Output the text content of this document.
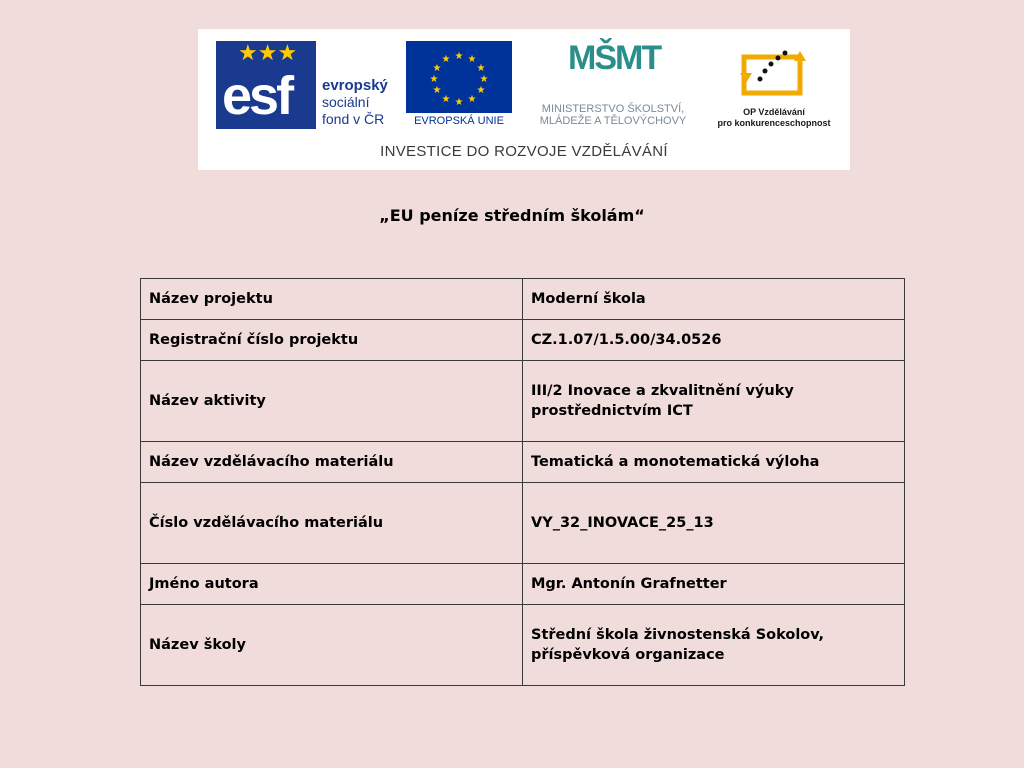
★★★
esf evropský
sociální
fond v ČR
★ ★
★
★
★
★
★
★
★
★
★
★
EVROPSKÁ UNIE
MŠMT
MINISTERSTVO ŠKOLSTVÍ,
MLÁDEŽE A TĚLOVÝCHOVY
OP Vzdělávání
pro konkurenceschopnost
INVESTICE DO ROZVOJE VZDĚLÁVÁNÍ
„EU peníze středním školám“
Název projektu	Moderní škola
Registrační číslo projektu	CZ.1.07/1.5.00/34.0526
Název aktivity	III/2 Inovace a zkvalitnění výuky prostřednictvím ICT
Název vzdělávacího materiálu	Tematická a monotematická výloha
Číslo vzdělávacího materiálu	VY_32_INOVACE_25_13
Jméno autora	Mgr. Antonín Grafnetter
Název školy	Střední škola živnostenská Sokolov, příspěvková organizace
